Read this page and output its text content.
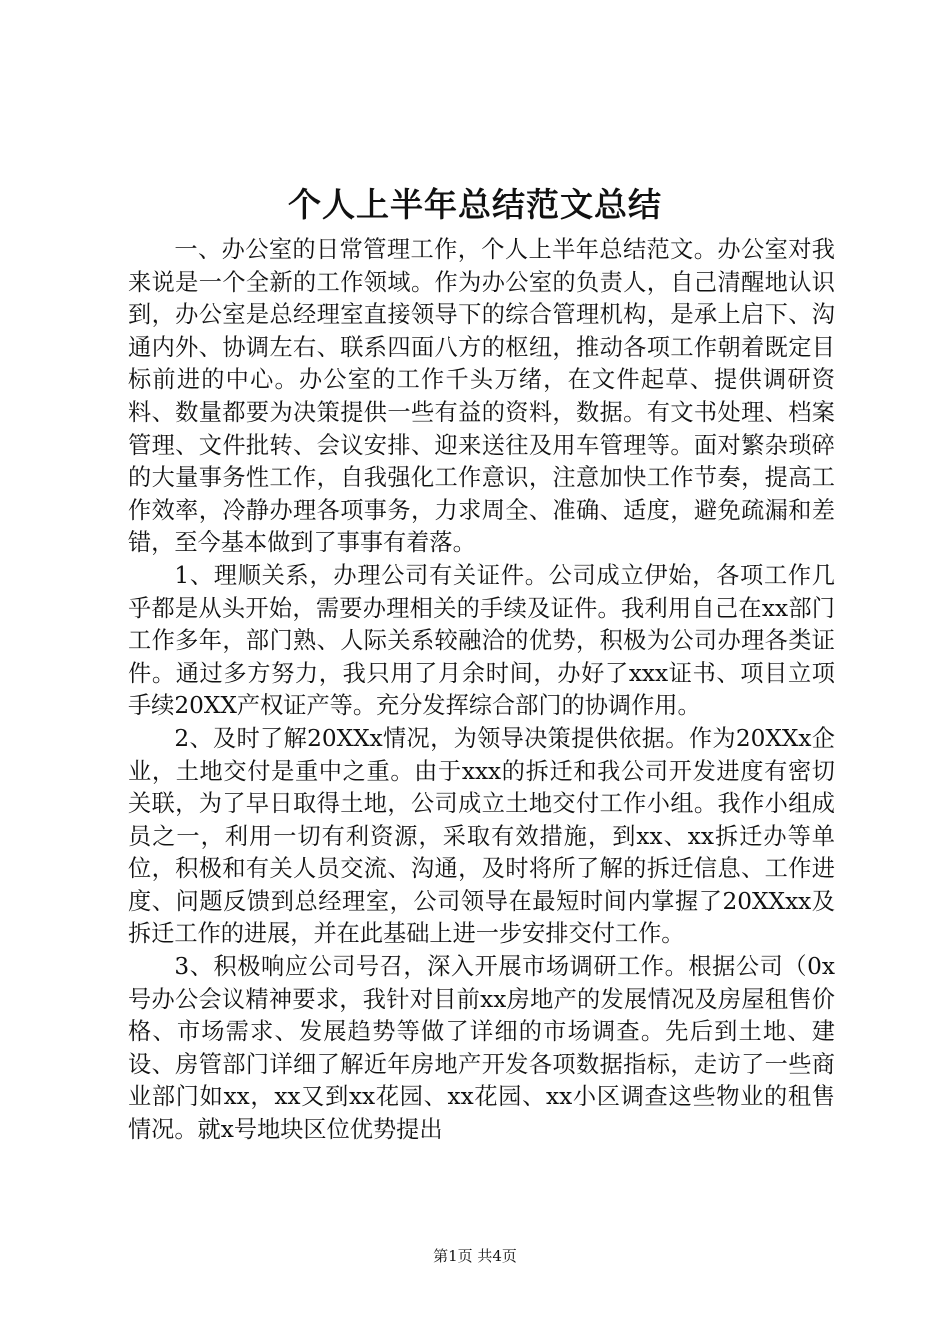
个人上半年总结范文总结

一、办公室的日常管理工作，个人上半年总结范文。办公室对我来说是一个全新的工作领域。作为办公室的负责人，自己清醒地认识到，办公室是总经理室直接领导下的综合管理机构，是承上启下、沟通内外、协调左右、联系四面八方的枢纽，推动各项工作朝着既定目标前进的中心。办公室的工作千头万绪，在文件起草、提供调研资料、数量都要为决策提供一些有益的资料，数据。有文书处理、档案管理、文件批转、会议安排、迎来送往及用车管理等。面对繁杂琐碎的大量事务性工作，自我强化工作意识，注意加快工作节奏，提高工作效率，冷静办理各项事务，力求周全、准确、适度，避免疏漏和差错，至今基本做到了事事有着落。

1、理顺关系，办理公司有关证件。公司成立伊始，各项工作几乎都是从头开始，需要办理相关的手续及证件。我利用自己在xx部门工作多年，部门熟、人际关系较融洽的优势，积极为公司办理各类证件。通过多方努力，我只用了月余时间，办好了xxx证书、项目立项手续20XX产权证产等。充分发挥综合部门的协调作用。

2、及时了解20XXx情况，为领导决策提供依据。作为20XXx企业，土地交付是重中之重。由于xxx的拆迁和我公司开发进度有密切关联，为了早日取得土地，公司成立土地交付工作小组。我作小组成员之一，利用一切有利资源，采取有效措施，到xx、xx拆迁办等单位，积极和有关人员交流、沟通，及时将所了解的拆迁信息、工作进度、问题反馈到总经理室，公司领导在最短时间内掌握了20XXxx及拆迁工作的进展，并在此基础上进一步安排交付工作。

3、积极响应公司号召，深入开展市场调研工作。根据公司（0x号办公会议精神要求，我针对目前xx房地产的发展情况及房屋租售价格、市场需求、发展趋势等做了详细的市场调查。先后到土地、建设、房管部门详细了解近年房地产开发各项数据指标，走访了一些商业部门如xx，xx又到xx花园、xx花园、xx小区调查这些物业的租售情况。就x号地块区位优势提出

第1页 共4页
